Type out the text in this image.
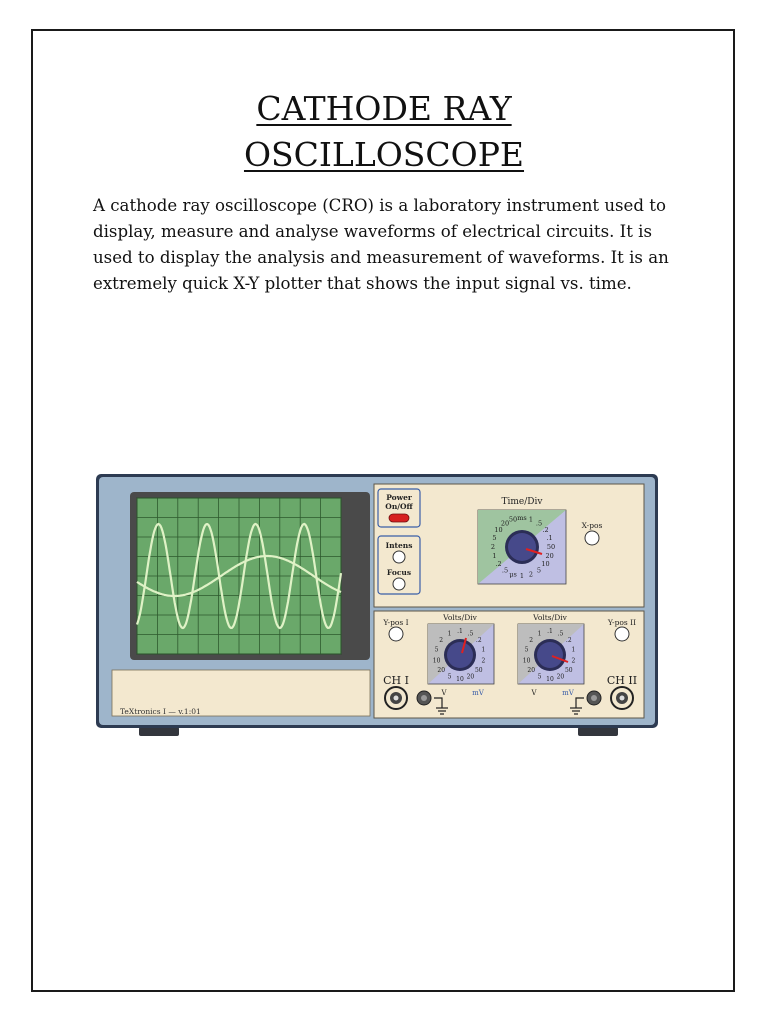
CATHODE RAY
OSCILLOSCOPE

A cathode ray oscilloscope (CRO) is a laboratory instrument used to display, measure and analyse waveforms of electrical circuits. It is used to display the analysis and measurement of waveforms. It is an extremely quick X-Y plotter that shows the input signal vs. time.

TeXtronics I — v.1:01
Power
On/Off
Intens
Focus
Time/Div
ms 1
.5
.2
.1
50
20
10
5
2
1
μs
.5
.2
1
2
5
10
20
50
X-pos
Y-pos I	Y-pos II
Volts/Div
.1 .5
.2
1
2
50
20
10
5
20
10
5
2
1
Volts/Div
.1 .5
.2
1
2
50
20
10
5
20
10
5
2
1
V	mV	V	mV
CH I	CH II
